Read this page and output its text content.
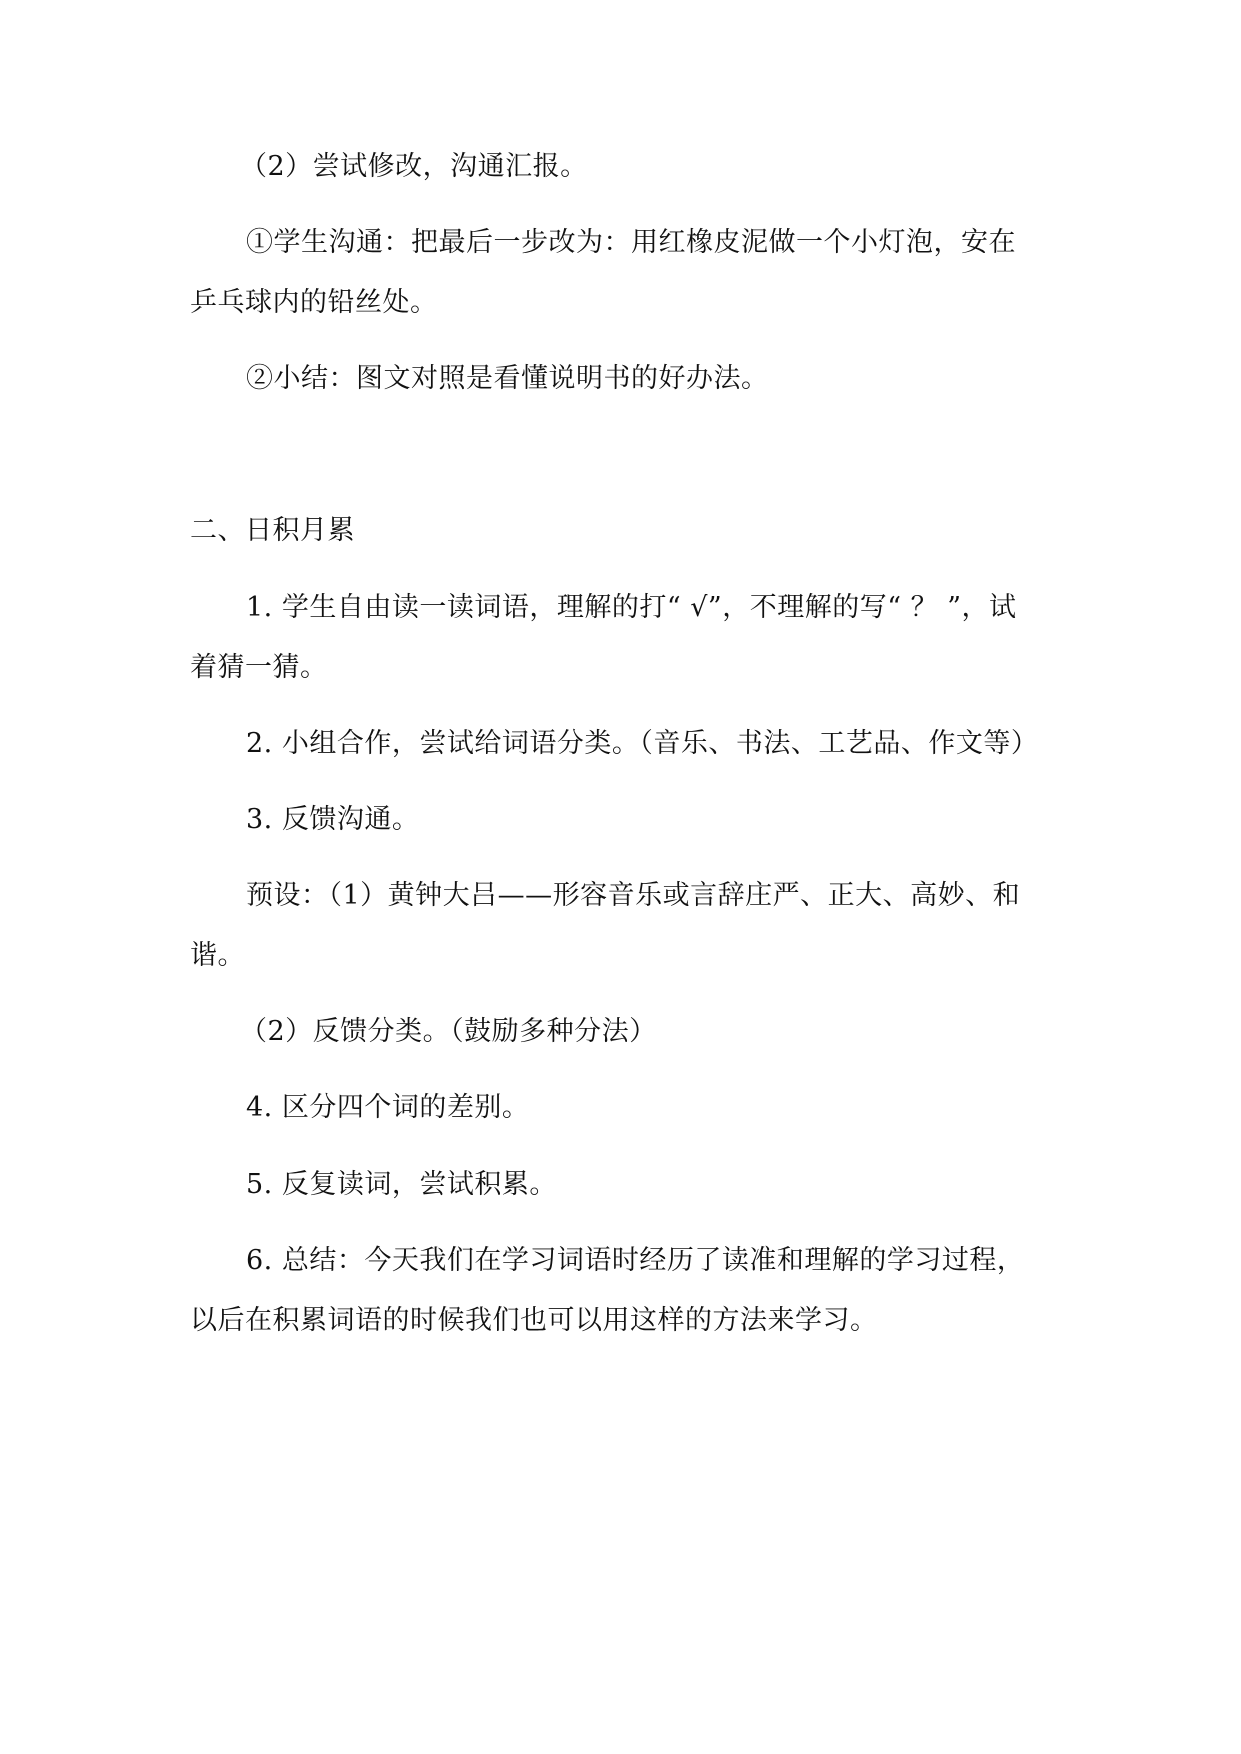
（2）尝试修改，沟通汇报。
①学生沟通：把最后一步改为：用红橡皮泥做一个小灯泡，安在
乒乓球内的铅丝处。
②小结：图文对照是看懂说明书的好办法。
二、日积月累
1. 学生自由读一读词语，理解的打“ √”，不理解的写“ ？ ”，试
着猜一猜。
2. 小组合作，尝试给词语分类。（音乐、书法、工艺品、作文等）
3. 反馈沟通。
预设：（1）黄钟大吕——形容音乐或言辞庄严、正大、高妙、和
谐。
（2）反馈分类。（鼓励多种分法）
4. 区分四个词的差别。
5. 反复读词，尝试积累。
6. 总结：今天我们在学习词语时经历了读准和理解的学习过程，
以后在积累词语的时候我们也可以用这样的方法来学习。
